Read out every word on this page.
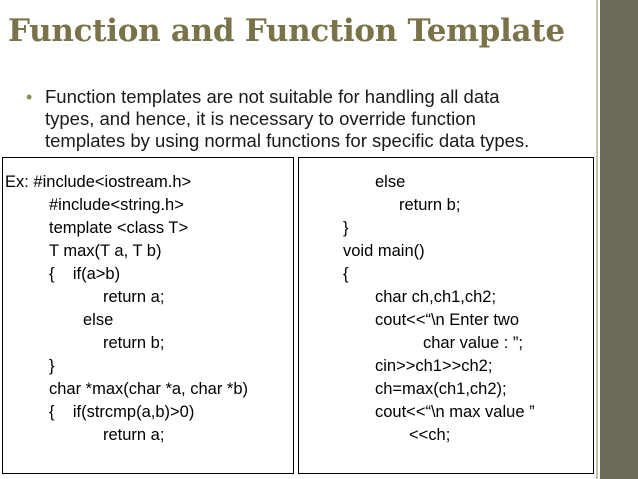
Function and Function Template
• Function templates are not suitable for handling all data
types, and hence, it is necessary to override function
templates by using normal functions for specific data types.
Ex: #include<iostream.h>
#include<string.h>
template <class T>
T max(T a, T b)
{    if(a>b)
return a;
else
return b;
}
char *max(char *a, char *b)
{    if(strcmp(a,b)>0)
return a;
else
return b;
}
void main()
{
char ch,ch1,ch2;
cout<<“\n Enter two
char value : ”;
cin>>ch1>>ch2;
ch=max(ch1,ch2);
cout<<“\n max value ”
<<ch;
